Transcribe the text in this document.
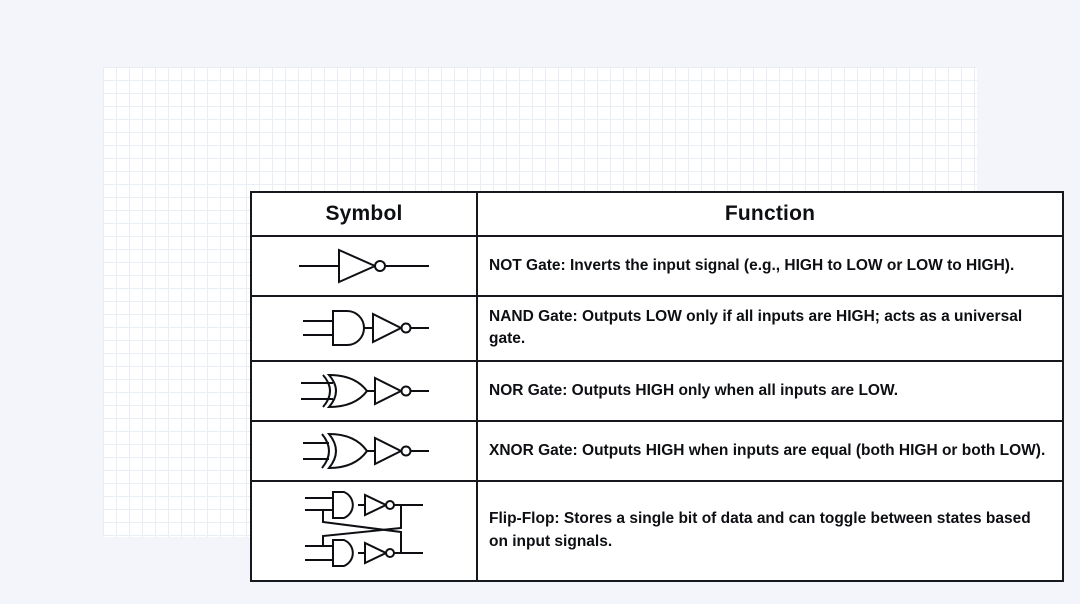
Symbol	Function

	NOT Gate: Inverts the input signal (e.g., HIGH to LOW or LOW to HIGH).

	NAND Gate: Outputs LOW only if all inputs are HIGH; acts as a universal gate.

	NOR Gate: Outputs HIGH only when all inputs are LOW.

	XNOR Gate: Outputs HIGH when inputs are equal (both HIGH or both LOW).

	Flip-Flop: Stores a single bit of data and can toggle between states based on input signals.
